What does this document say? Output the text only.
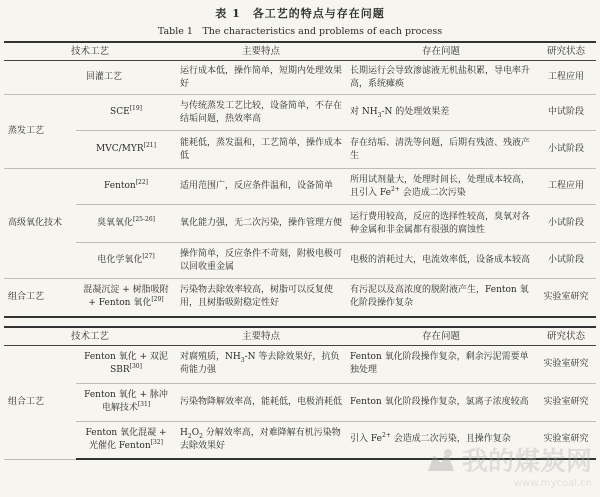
表 1　各工艺的特点与存在问题
Table 1　The characteristics and problems of each process
技术工艺		主要特点	存在问题	研究状态
	回灌工艺	运行成本低，操作简单，短期内处理效果好	长期运行会导致渗滤液无机盐积累，导电率升高，系统瘫痪	工程应用
蒸发工艺	SCE[19]	与传统蒸发工艺比较，设备简单，不存在结垢问题，热效率高	对 $NH_3-N$ 的处理效果差	中试阶段
	MVC/MYR[21]	能耗低，蒸发温和，工艺简单，操作成本低	存在结垢、清洗等问题，后期有残渣、残液产生	小试阶段
高级氧化技术	Fenton[22]	适用范围广，反应条件温和，设备简单	所用试剂量大，处理时间长，处理成本较高，且引入 $Fe^{2+}$ 会造成二次污染	工程应用
	臭氧氧化[25-26]	氧化能力强，无二次污染，操作管理方便	运行费用较高，反应的选择性较高，臭氧对各种金属和非金属都有很强的腐蚀性	小试阶段
	电化学氧化[27]	操作简单，反应条件不苛刻，附极电极可以回收重金属	电极的消耗过大，电流效率低，设备成本较高	小试阶段
组合工艺	混凝沉淀 + 树脂吸附 + Fenton 氧化[29]	污染物去除效率较高，树脂可以反复使用，且树脂吸附稳定性好	有污泥以及高浓度的脱附液产生，Fenton 氧化阶段操作复杂	实验室研究
技术工艺		主要特点	存在问题	研究状态
组合工艺	Fenton 氧化 + 双泥 SBR[30]	对腐殖质，$NH_3-N$ 等去除效果好，抗负荷能力强	Fenton 氧化阶段操作复杂，剩余污泥需要单独处理	实验室研究
	Fenton 氧化 + 脉冲电解技术[31]	污染物降解效率高，能耗低，电极消耗低	Fenton 氧化阶段操作复杂，氯离子浓度较高	实验室研究
	Fenton 氧化混凝 + 光催化 Fenton[32]	$H_2O_2$ 分解效率高，对难降解有机污染物去除效果好	引入 $Fe^{2+}$ 会造成二次污染，且操作复杂	实验室研究
我的煤炭网
www.mycoal.cn
